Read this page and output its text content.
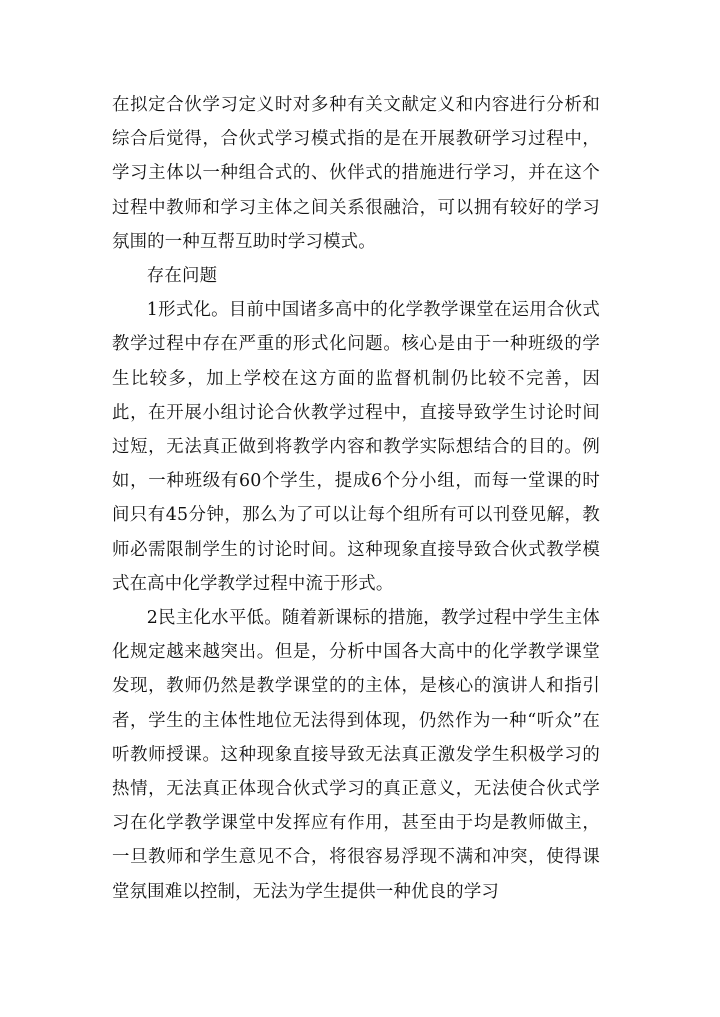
在拟定合伙学习定义时对多种有关文献定义和内容进行分析和综合后觉得，合伙式学习模式指的是在开展教研学习过程中，学习主体以一种组合式的、伙伴式的措施进行学习，并在这个过程中教师和学习主体之间关系很融洽，可以拥有较好的学习氛围的一种互帮互助时学习模式。

存在问题

1形式化。目前中国诸多高中的化学教学课堂在运用合伙式教学过程中存在严重的形式化问题。核心是由于一种班级的学生比较多，加上学校在这方面的监督机制仍比较不完善，因此，在开展小组讨论合伙教学过程中，直接导致学生讨论时间过短，无法真正做到将教学内容和教学实际想结合的目的。例如，一种班级有60个学生，提成6个分小组，而每一堂课的时间只有45分钟，那么为了可以让每个组所有可以刊登见解，教师必需限制学生的讨论时间。这种现象直接导致合伙式教学模式在高中化学教学过程中流于形式。

2民主化水平低。随着新课标的措施，教学过程中学生主体化规定越来越突出。但是，分析中国各大高中的化学教学课堂发现，教师仍然是教学课堂的的主体，是核心的演讲人和指引者，学生的主体性地位无法得到体现，仍然作为一种“听众”在听教师授课。这种现象直接导致无法真正激发学生积极学习的热情，无法真正体现合伙式学习的真正意义，无法使合伙式学习在化学教学课堂中发挥应有作用，甚至由于均是教师做主，一旦教师和学生意见不合，将很容易浮现不满和冲突，使得课堂氛围难以控制，无法为学生提供一种优良的学习
